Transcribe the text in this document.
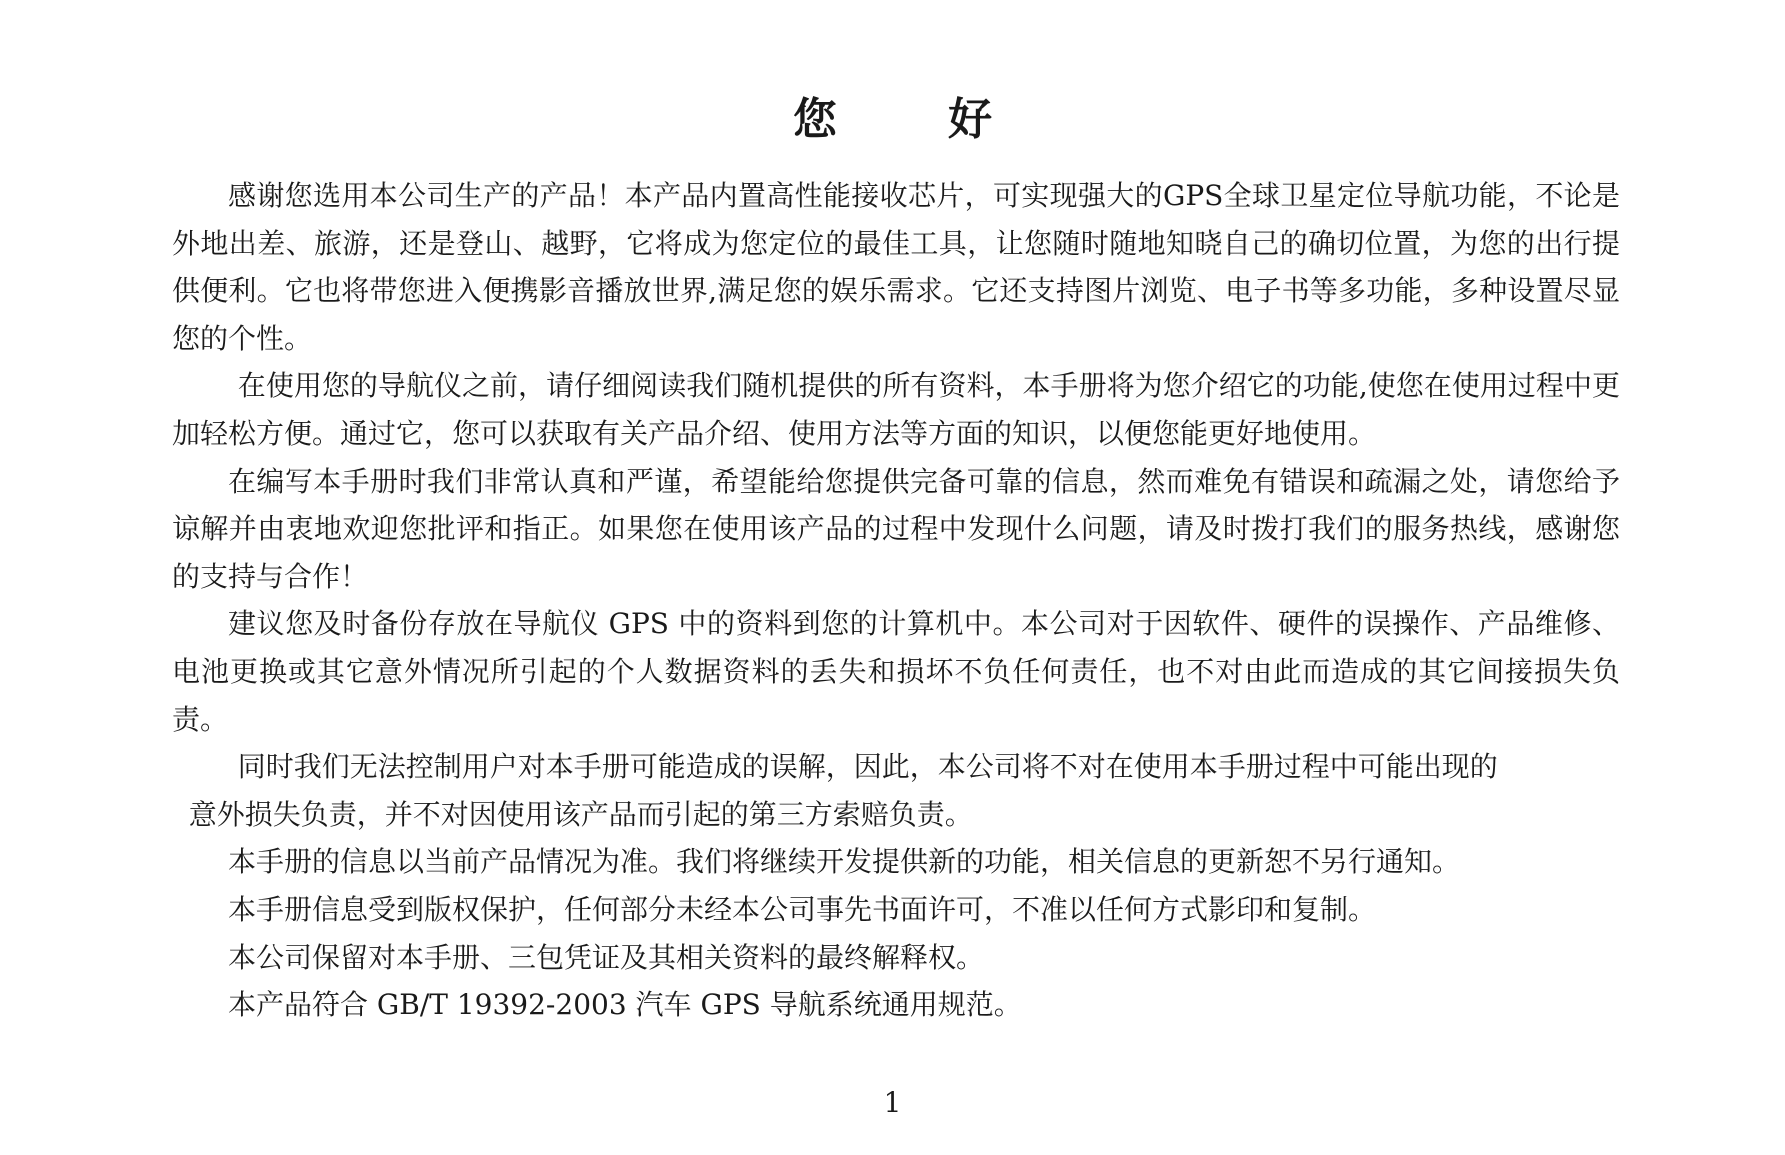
您 好

感谢您选用本公司生产的产品！本产品内置高性能接收芯片，可实现强大的GPS全球卫星定位导航功能，不论是外地出差、旅游，还是登山、越野，它将成为您定位的最佳工具，让您随时随地知晓自己的确切位置，为您的出行提供便利。它也将带您进入便携影音播放世界,满足您的娱乐需求。它还支持图片浏览、电子书等多功能，多种设置尽显您的个性。

在使用您的导航仪之前，请仔细阅读我们随机提供的所有资料，本手册将为您介绍它的功能,使您在使用过程中更加轻松方便。通过它，您可以获取有关产品介绍、使用方法等方面的知识，以便您能更好地使用。

在编写本手册时我们非常认真和严谨，希望能给您提供完备可靠的信息，然而难免有错误和疏漏之处，请您给予谅解并由衷地欢迎您批评和指正。如果您在使用该产品的过程中发现什么问题，请及时拨打我们的服务热线，感谢您的支持与合作！

建议您及时备份存放在导航仪 GPS 中的资料到您的计算机中。本公司对于因软件、硬件的误操作、产品维修、电池更换或其它意外情况所引起的个人数据资料的丢失和损坏不负任何责任，也不对由此而造成的其它间接损失负责。

同时我们无法控制用户对本手册可能造成的误解，因此，本公司将不对在使用本手册过程中可能出现的
意外损失负责，并不对因使用该产品而引起的第三方索赔负责。

本手册的信息以当前产品情况为准。我们将继续开发提供新的功能，相关信息的更新恕不另行通知。

本手册信息受到版权保护，任何部分未经本公司事先书面许可，不准以任何方式影印和复制。

本公司保留对本手册、三包凭证及其相关资料的最终解释权。

本产品符合 GB/T 19392-2003 汽车 GPS 导航系统通用规范。

1
